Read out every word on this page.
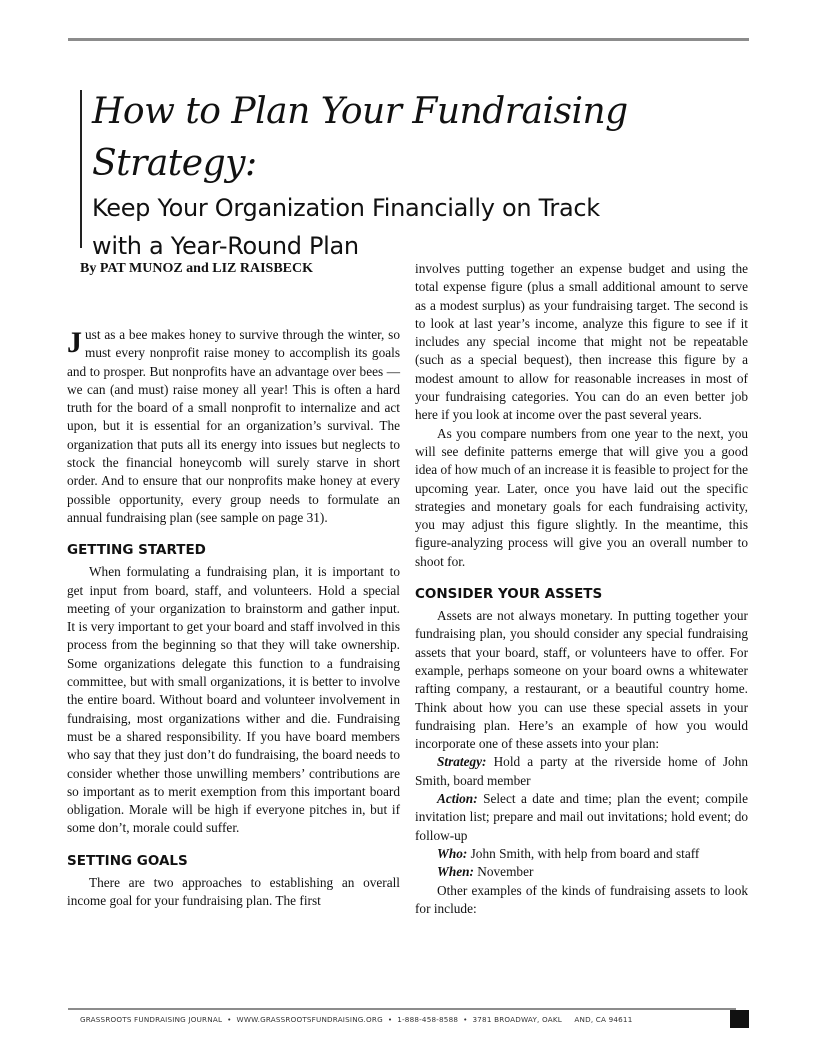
How to Plan Your Fundraising Strategy:
Keep Your Organization Financially on Track with a Year-Round Plan

By PAT MUNOZ and LIZ RAISBECK

Just as a bee makes honey to survive through the winter, so must every nonprofit raise money to accomplish its goals and to prosper. But nonprofits have an advantage over bees — we can (and must) raise money all year! This is often a hard truth for the board of a small nonprofit to internalize and act upon, but it is essential for an organization’s survival. The organization that puts all its energy into issues but neglects to stock the financial honeycomb will surely starve in short order. And to ensure that our nonprofits make honey at every possible opportunity, every group needs to formulate an annual fundraising plan (see sample on page 31).

GETTING STARTED

When formulating a fundraising plan, it is important to get input from board, staff, and volunteers. Hold a special meeting of your organization to brainstorm and gather input. It is very important to get your board and staff involved in this process from the beginning so that they will take ownership. Some organizations delegate this function to a fundraising committee, but with small organizations, it is better to involve the entire board. Without board and volunteer involvement in fundraising, most organizations wither and die. Fundraising must be a shared responsibility. If you have board members who say that they just don’t do fundraising, the board needs to consider whether those unwilling members’ contributions are so important as to merit exemption from this important board obligation. Morale will be high if everyone pitches in, but if some don’t, morale could suffer.

SETTING GOALS

There are two approaches to establishing an overall income goal for your fundraising plan. The first

involves putting together an expense budget and using the total expense figure (plus a small additional amount to serve as a modest surplus) as your fundraising target. The second is to look at last year’s income, analyze this figure to see if it includes any special income that might not be repeatable (such as a special bequest), then increase this figure by a modest amount to allow for reasonable increases in most of your fundraising categories. You can do an even better job here if you look at income over the past several years.

As you compare numbers from one year to the next, you will see definite patterns emerge that will give you a good idea of how much of an increase it is feasible to project for the upcoming year. Later, once you have laid out the specific strategies and monetary goals for each fundraising activity, you may adjust this figure slightly. In the meantime, this figure-analyzing process will give you an overall number to shoot for.

CONSIDER YOUR ASSETS

Assets are not always monetary. In putting together your fundraising plan, you should consider any special fundraising assets that your board, staff, or volunteers have to offer. For example, perhaps someone on your board owns a whitewater rafting company, a restaurant, or a beautiful country home. Think about how you can use these special assets in your fundraising plan. Here’s an example of how you would incorporate one of these assets into your plan:

Strategy: Hold a party at the riverside home of John Smith, board member

Action: Select a date and time; plan the event; compile invitation list; prepare and mail out invitations; hold event; do follow-up

Who: John Smith, with help from board and staff

When: November

Other examples of the kinds of fundraising assets to look for include:

GRASSROOTS FUNDRAISING JOURNAL  •  WWW.GRASSROOTSFUNDRAISING.ORG  •  1-888-458-8588  •  3781 BROADWAY, OAKL     AND, CA 94611
